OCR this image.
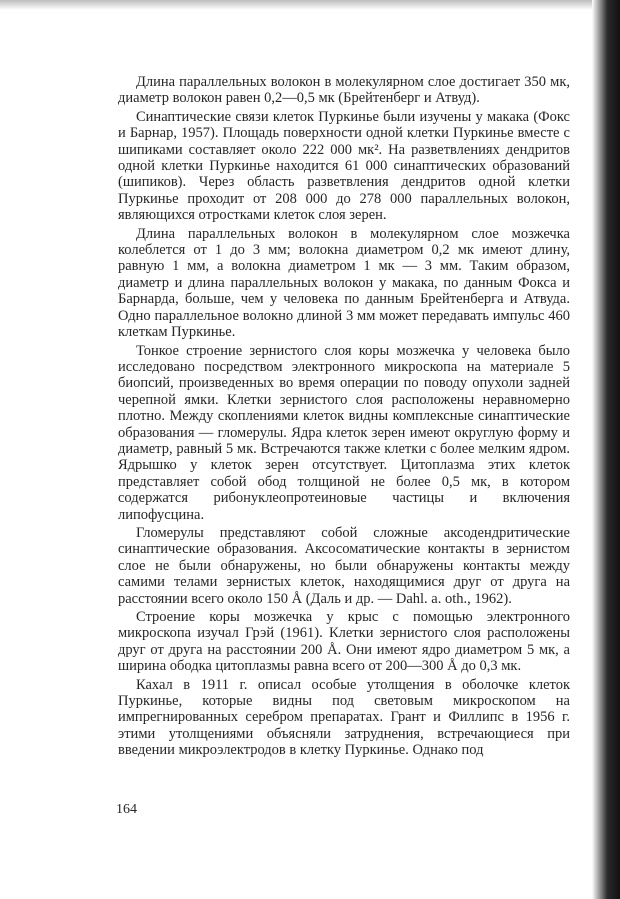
Длина параллельных волокон в молекулярном слое достигает 350 мк, диаметр волокон равен 0,2—0,5 мк (Брейтенберг и Атвуд).

Синаптические связи клеток Пуркинье были изучены у макака (Фокс и Барнар, 1957). Площадь поверхности одной клетки Пуркинье вместе с шипиками составляет около 222 000 мк². На разветвлениях дендритов одной клетки Пуркинье находится 61 000 синаптических образований (шипиков). Через область разветвления дендритов одной клетки Пуркинье проходит от 208 000 до 278 000 параллельных волокон, являющихся отростками клеток слоя зерен.

Длина параллельных волокон в молекулярном слое мозжечка колеблется от 1 до 3 мм; волокна диаметром 0,2 мк имеют длину, равную 1 мм, а волокна диаметром 1 мк — 3 мм. Таким образом, диаметр и длина параллельных волокон у макака, по данным Фокса и Барнарда, больше, чем у человека по данным Брейтенберга и Атвуда. Одно параллельное волокно длиной 3 мм может передавать импульс 460 клеткам Пуркинье.

Тонкое строение зернистого слоя коры мозжечка у человека было исследовано посредством электронного микроскопа на материале 5 биопсий, произведенных во время операции по поводу опухоли задней черепной ямки. Клетки зернистого слоя расположены неравномерно плотно. Между скоплениями клеток видны комплексные синаптические образования — гломерулы. Ядра клеток зерен имеют округлую форму и диаметр, равный 5 мк. Встречаются также клетки с более мелким ядром. Ядрышко у клеток зерен отсутствует. Цитоплазма этих клеток представляет собой обод толщиной не более 0,5 мк, в котором содержатся рибонуклеопротеиновые частицы и включения липофусцина.

Гломерулы представляют собой сложные аксодендритические синаптические образования. Аксосоматические контакты в зернистом слое не были обнаружены, но были обнаружены контакты между самими телами зернистых клеток, находящимися друг от друга на расстоянии всего около 150 Å (Даль и др. — Dahl. a. oth., 1962).

Строение коры мозжечка у крыс с помощью электронного микроскопа изучал Грэй (1961). Клетки зернистого слоя расположены друг от друга на расстоянии 200 Å. Они имеют ядро диаметром 5 мк, а ширина ободка цитоплазмы равна всего от 200—300 Å до 0,3 мк.

Кахал в 1911 г. описал особые утолщения в оболочке клеток Пуркинье, которые видны под световым микроскопом на импрегнированных серебром препаратах. Грант и Филлипс в 1956 г. этими утолщениями объясняли затруднения, встречающиеся при введении микроэлектродов в клетку Пуркинье. Однако под

164
